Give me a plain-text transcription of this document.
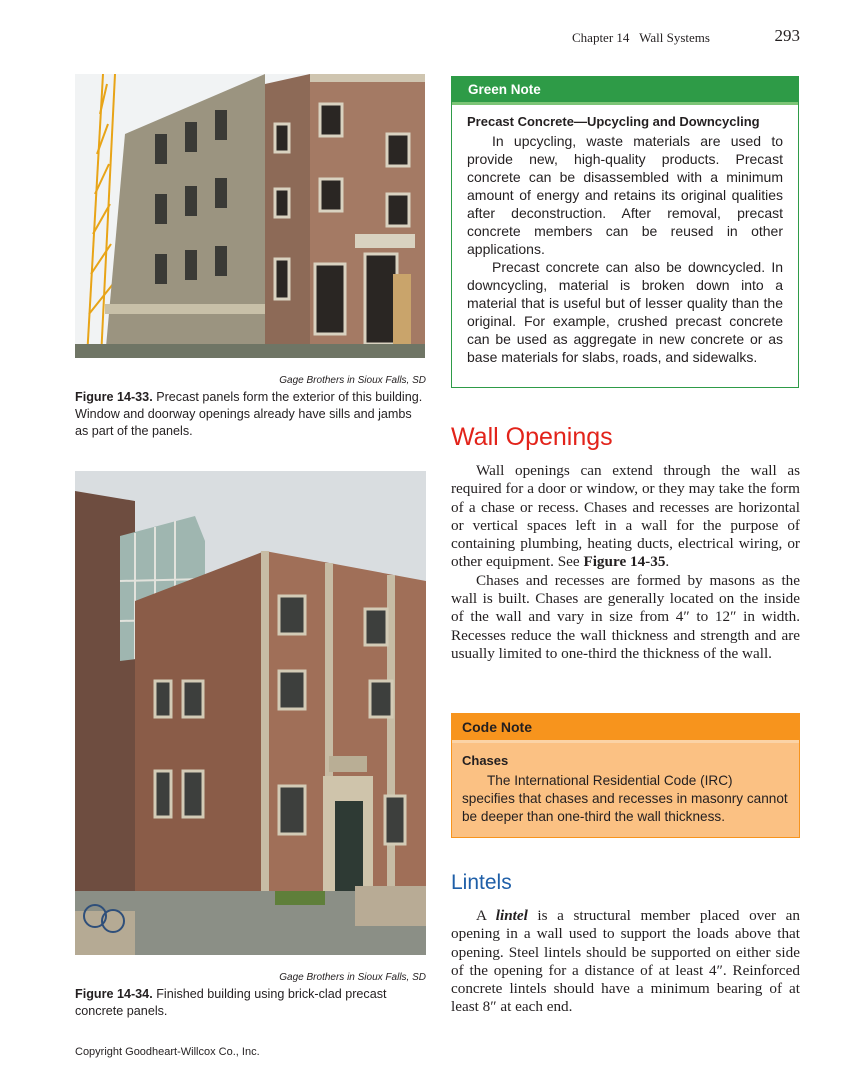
Chapter 14 Wall Systems	293
Gage Brothers in Sioux Falls, SD
Figure 14-33. Precast panels form the exterior of this building. Window and doorway openings already have sills and jambs as part of the panels.
Gage Brothers in Sioux Falls, SD
Figure 14-34. Finished building using brick-clad precast concrete panels.
Green Note
Precast Concrete—Upcycling and Downcycling

In upcycling, waste materials are used to provide new, high-quality products. Precast concrete can be disassembled with a minimum amount of energy and retains its original qualities after deconstruction. After removal, precast concrete members can be reused in other applications.

Precast concrete can also be downcycled. In downcycling, material is broken down into a material that is useful but of lesser quality than the original. For example, crushed precast concrete can be used as aggregate in new concrete or as base materials for slabs, roads, and sidewalks.

Wall Openings

Wall openings can extend through the wall as required for a door or window, or they may take the form of a chase or recess. Chases and recesses are horizontal or vertical spaces left in a wall for the purpose of containing plumbing, heating ducts, electrical wiring, or other equipment. See Figure 14-35.

Chases and recesses are formed by masons as the wall is built. Chases are generally located on the inside of the wall and vary in size from 4″ to 12″ in width. Recesses reduce the wall thickness and strength and are usually limited to one-third the thickness of the wall.

Code Note
Chases

The International Residential Code (IRC) specifies that chases and recesses in masonry cannot be deeper than one-third the wall thickness.

Lintels

A lintel is a structural member placed over an opening in a wall used to support the loads above that opening. Steel lintels should be supported on either side of the opening for a distance of at least 4″. Reinforced concrete lintels should have a minimum bearing of at least 8″ at each end.

Copyright Goodheart-Willcox Co., Inc.
